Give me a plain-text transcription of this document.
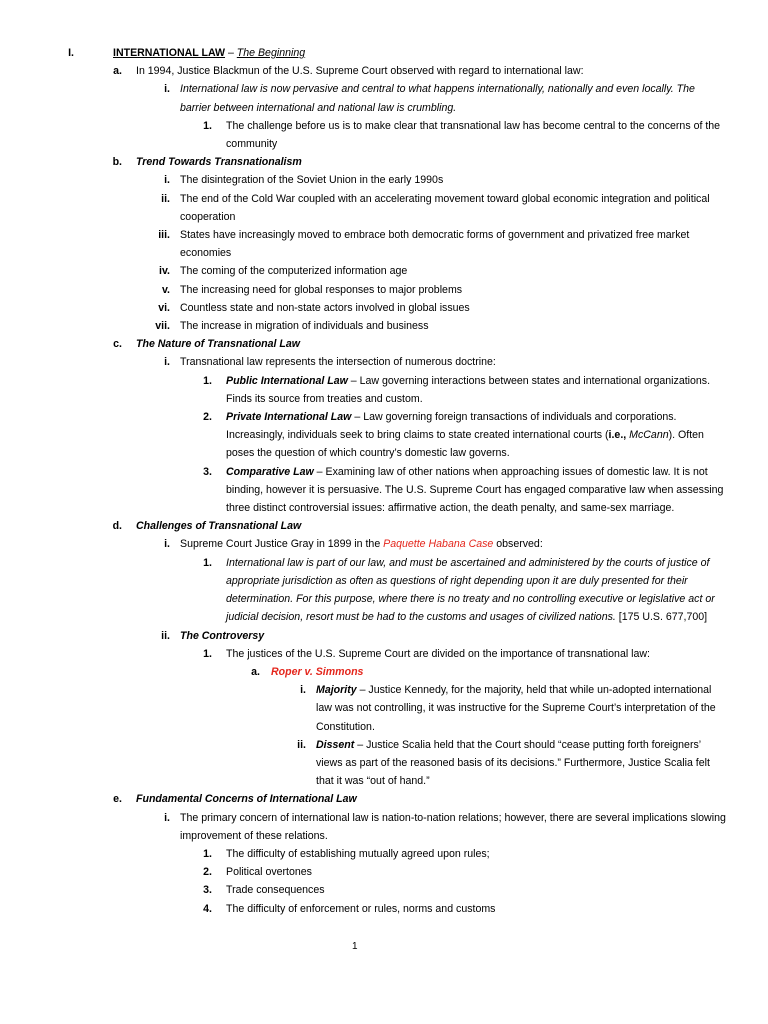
I.	INTERNATIONAL LAW – The Beginning
a. In 1994, Justice Blackmun of the U.S. Supreme Court observed with regard to international law:
i. International law is now pervasive and central to what happens internationally, nationally and even locally. The barrier between international and national law is crumbling.
1. The challenge before us is to make clear that transnational law has become central to the concerns of the community
b. Trend Towards Transnationalism
i. The disintegration of the Soviet Union in the early 1990s
ii. The end of the Cold War coupled with an accelerating movement toward global economic integration and political cooperation
iii. States have increasingly moved to embrace both democratic forms of government and privatized free market economies
iv. The coming of the computerized information age
v. The increasing need for global responses to major problems
vi. Countless state and non-state actors involved in global issues
vii. The increase in migration of individuals and business
c. The Nature of Transnational Law
i. Transnational law represents the intersection of numerous doctrine:
1. Public International Law – Law governing interactions between states and international organizations. Finds its source from treaties and custom.
2. Private International Law – Law governing foreign transactions of individuals and corporations. Increasingly, individuals seek to bring claims to state created international courts (i.e., McCann). Often poses the question of which country’s domestic law governs.
3. Comparative Law – Examining law of other nations when approaching issues of domestic law. It is not binding, however it is persuasive. The U.S. Supreme Court has engaged comparative law when assessing three distinct controversial issues: affirmative action, the death penalty, and same-sex marriage.
d. Challenges of Transnational Law
i. Supreme Court Justice Gray in 1899 in the Paquette Habana Case observed:
1. International law is part of our law, and must be ascertained and administered by the courts of justice of appropriate jurisdiction as often as questions of right depending upon it are duly presented for their determination. For this purpose, where there is no treaty and no controlling executive or legislative act or judicial decision, resort must be had to the customs and usages of civilized nations. [175 U.S. 677,700]
ii. The Controversy
1. The justices of the U.S. Supreme Court are divided on the importance of transnational law:
a. Roper v. Simmons
i. Majority – Justice Kennedy, for the majority, held that while un-adopted international law was not controlling, it was instructive for the Supreme Court’s interpretation of the Constitution.
ii. Dissent – Justice Scalia held that the Court should “cease putting forth foreigners’ views as part of the reasoned basis of its decisions.” Furthermore, Justice Scalia felt that it was “out of hand.”
e. Fundamental Concerns of International Law
i. The primary concern of international law is nation-to-nation relations; however, there are several implications slowing improvement of these relations.
1. The difficulty of establishing mutually agreed upon rules;
2. Political overtones
3. Trade consequences
4. The difficulty of enforcement or rules, norms and customs
1
